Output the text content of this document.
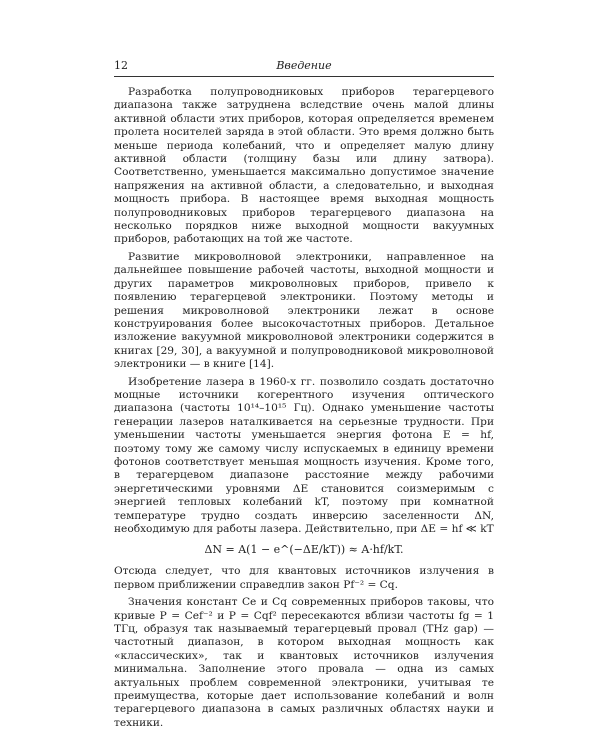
12	Введение

Разработка полупроводниковых приборов терагерцевого диапазона также затруднена вследствие очень малой длины активной области этих приборов, которая определяется временем пролета носителей заряда в этой области. Это время должно быть меньше периода колебаний, что и определяет малую длину активной области (толщину базы или длину затвора). Соответственно, уменьшается максимально допустимое значение напряжения на активной области, а следовательно, и выходная мощность прибора. В настоящее время выходная мощность полупроводниковых приборов терагерцевого диапазона на несколько порядков ниже выходной мощности вакуумных приборов, работающих на той же частоте.

Развитие микроволновой электроники, направленное на дальнейшее повышение рабочей частоты, выходной мощности и других параметров микроволновых приборов, привело к появлению терагерцевой электроники. Поэтому методы и решения микроволновой электроники лежат в основе конструирования более высокочастотных приборов. Детальное изложение вакуумной микроволновой электроники содержится в книгах [29, 30], а вакуумной и полупроводниковой микроволновой электроники — в книге [14].

Изобретение лазера в 1960-х гг. позволило создать достаточно мощные источники когерентного изучения оптического диапазона (частоты 10¹⁴–10¹⁵ Гц). Однако уменьшение частоты генерации лазеров наталкивается на серьезные трудности. При уменьшении частоты уменьшается энергия фотона E = hf, поэтому тому же самому числу испускаемых в единицу времени фотонов соответствует меньшая мощность изучения. Кроме того, в терагерцевом диапазоне расстояние между рабочими энергетическими уровнями ΔE становится соизмеримым с энергией тепловых колебаний kT, поэтому при комнатной температуре трудно создать инверсию заселенности ΔN, необходимую для работы лазера. Действительно, при ΔE = hf ≪ kT

ΔN = A(1 − e^(−ΔE/kT)) ≈ A·hf/kT.

Отсюда следует, что для квантовых источников излучения в первом приближении справедлив закон Pf⁻² = Cq.

Значения констант Cе и Cq современных приборов таковы, что кривые P = Cеf⁻² и P = Cqf² пересекаются вблизи частоты fg = 1 ТГц, образуя так называемый терагерцевый провал (THz gap) — частотный диапазон, в котором выходная мощность как «классических», так и квантовых источников излучения минимальна. Заполнение этого провала — одна из самых актуальных проблем современной электроники, учитывая те преимущества, которые дает использование колебаний и волн терагерцевого диапазона в самых различных областях науки и техники.
